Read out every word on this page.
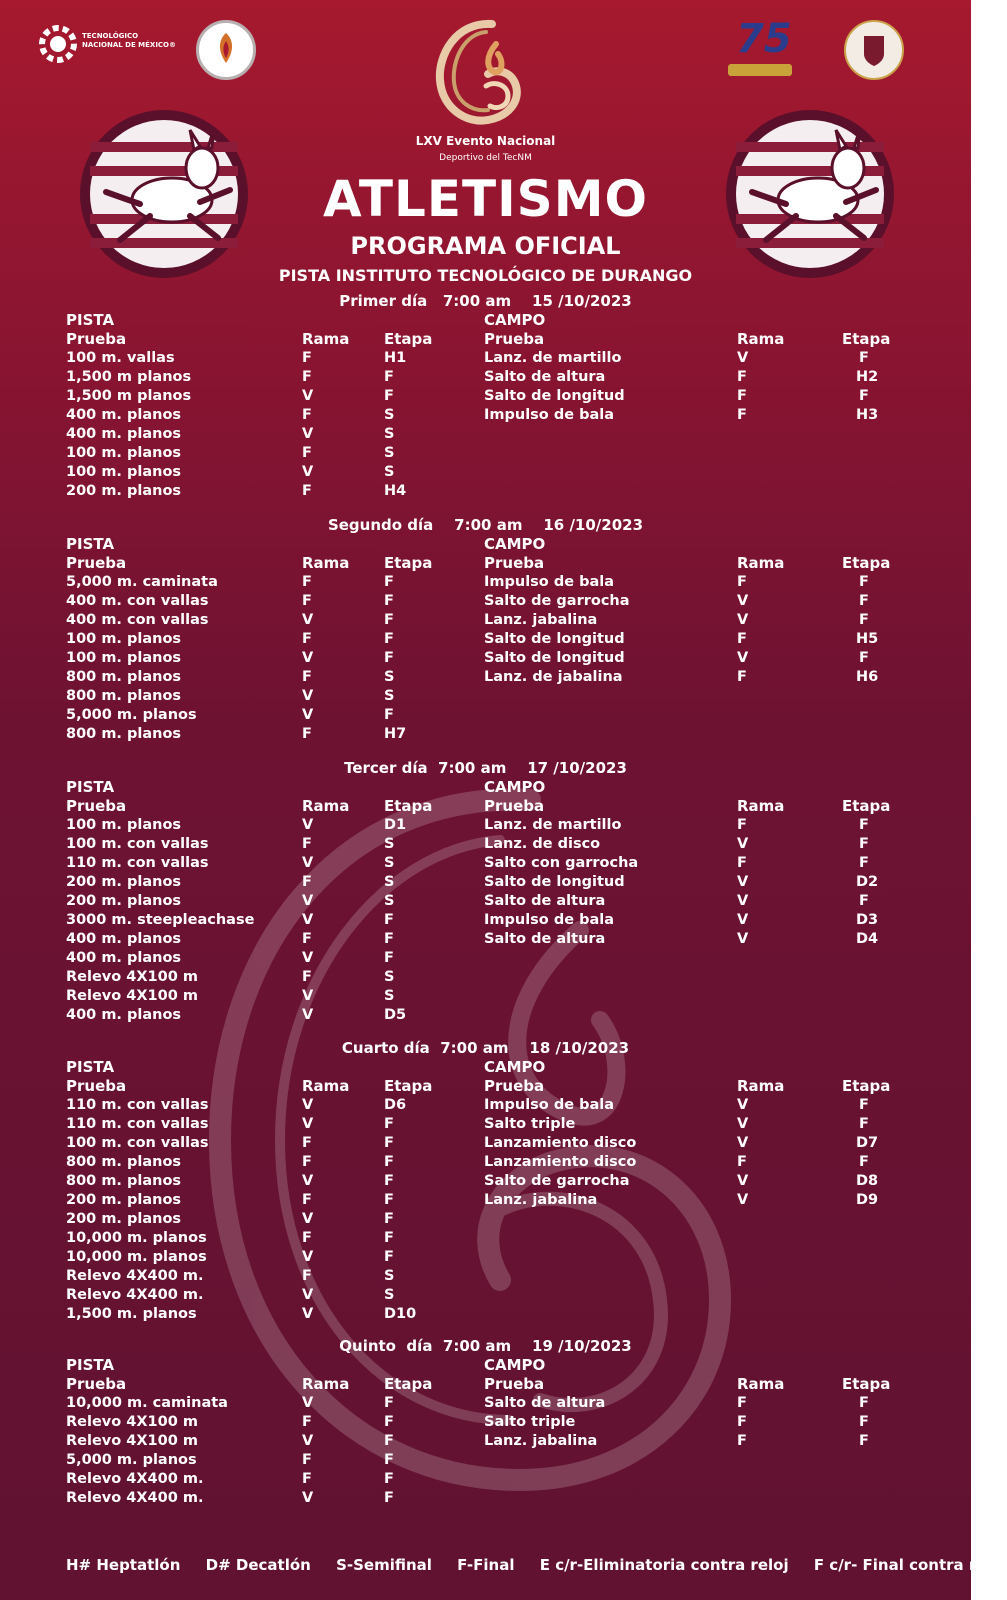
TECNOLÓGICO
NACIONAL DE MÉXICO®	75
LXV Evento Nacional
Deportivo del TecNM
ATLETISMO
PROGRAMA OFICIAL
PISTA INSTITUTO TECNOLÓGICO DE DURANGO
Primer día   7:00 am    15 /10/2023
PISTA	CAMPO
Prueba	Rama Etapa	Prueba	Rama	Etapa
100 m. vallas	F	H1
1,500 m planos	F	F
1,500 m planos	V	F
400 m. planos	F	S
400 m. planos	V	S
100 m. planos	F	S
100 m. planos	V	S
200 m. planos	F	H4
Lanz. de martillo	V	F
Salto de altura	F	H2
Salto de longitud	F	F
Impulso de bala	F	H3
Segundo día    7:00 am    16 /10/2023
PISTA	CAMPO
Prueba	Rama Etapa	Prueba	Rama	Etapa
5,000 m. caminata	F	F
400 m. con vallas	F	F
400 m. con vallas	V	F
100 m. planos	F	F
100 m. planos	V	F
800 m. planos	F	S
800 m. planos	V	S
5,000 m. planos	V	F
800 m. planos	F	H7
Impulso de bala	F	F
Salto de garrocha	V	F
Lanz. jabalina	V	F
Salto de longitud	F	H5
Salto de longitud	V	F
Lanz. de jabalina	F	H6
Tercer día  7:00 am    17 /10/2023
PISTA	CAMPO
Prueba	Rama Etapa	Prueba	Rama	Etapa
100 m. planos	V	D1
100 m. con vallas	F	S
110 m. con vallas	V	S
200 m. planos	F	S
200 m. planos	V	S
3000 m. steepleachase	V	F
400 m. planos	F	F
400 m. planos	V	F
Relevo 4X100 m	F	S
Relevo 4X100 m	V	S
400 m. planos	V	D5
Lanz. de martillo	F	F
Lanz. de disco	V	F
Salto con garrocha	F	F
Salto de longitud	V	D2
Salto de altura	V	F
Impulso de bala	V	D3
Salto de altura	V	D4
Cuarto día  7:00 am    18 /10/2023
PISTA	CAMPO
Prueba	Rama Etapa	Prueba	Rama	Etapa
110 m. con vallas	V	D6
110 m. con vallas	V	F
100 m. con vallas	F	F
800 m. planos	F	F
800 m. planos	V	F
200 m. planos	F	F
200 m. planos	V	F
10,000 m. planos	F	F
10,000 m. planos	V	F
Relevo 4X400 m.	F	S
Relevo 4X400 m.	V	S
1,500 m. planos	V	D10
Impulso de bala	V	F
Salto triple	V	F
Lanzamiento disco	V	D7
Lanzamiento disco	F	F
Salto de garrocha	V	D8
Lanz. jabalina	V	D9
Quinto  día  7:00 am    19 /10/2023
PISTA	CAMPO
Prueba	Rama Etapa	Prueba	Rama	Etapa
10,000 m. caminata	V	F
Relevo 4X100 m	F	F
Relevo 4X100 m	V	F
5,000 m. planos	F	F
Relevo 4X400 m.	F	F
Relevo 4X400 m.	V	F
Salto de altura	F	F
Salto triple	F	F
Lanz. jabalina	F	F
H# Heptatlón D# Decatlón S-Semifinal F-Final E c/r-Eliminatoria contra reloj F c/r- Final contra reloj
